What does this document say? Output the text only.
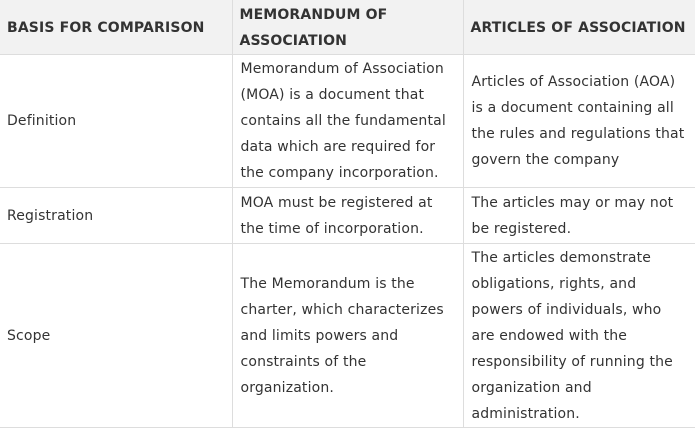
BASIS FOR COMPARISON	MEMORANDUM OF ASSOCIATION	ARTICLES OF ASSOCIATION
Definition	Memorandum of Association (MOA) is a document that contains all the fundamental data which are required for the company incorporation.	Articles of Association (AOA) is a document containing all the rules and regulations that govern the company
Registration	MOA must be registered at the time of incorporation.	The articles may or may not be registered.
Scope	The Memorandum is the charter, which characterizes and limits powers and constraints of the organization.	The articles demonstrate obligations, rights, and powers of individuals, who are endowed with the responsibility of running the organization and administration.
